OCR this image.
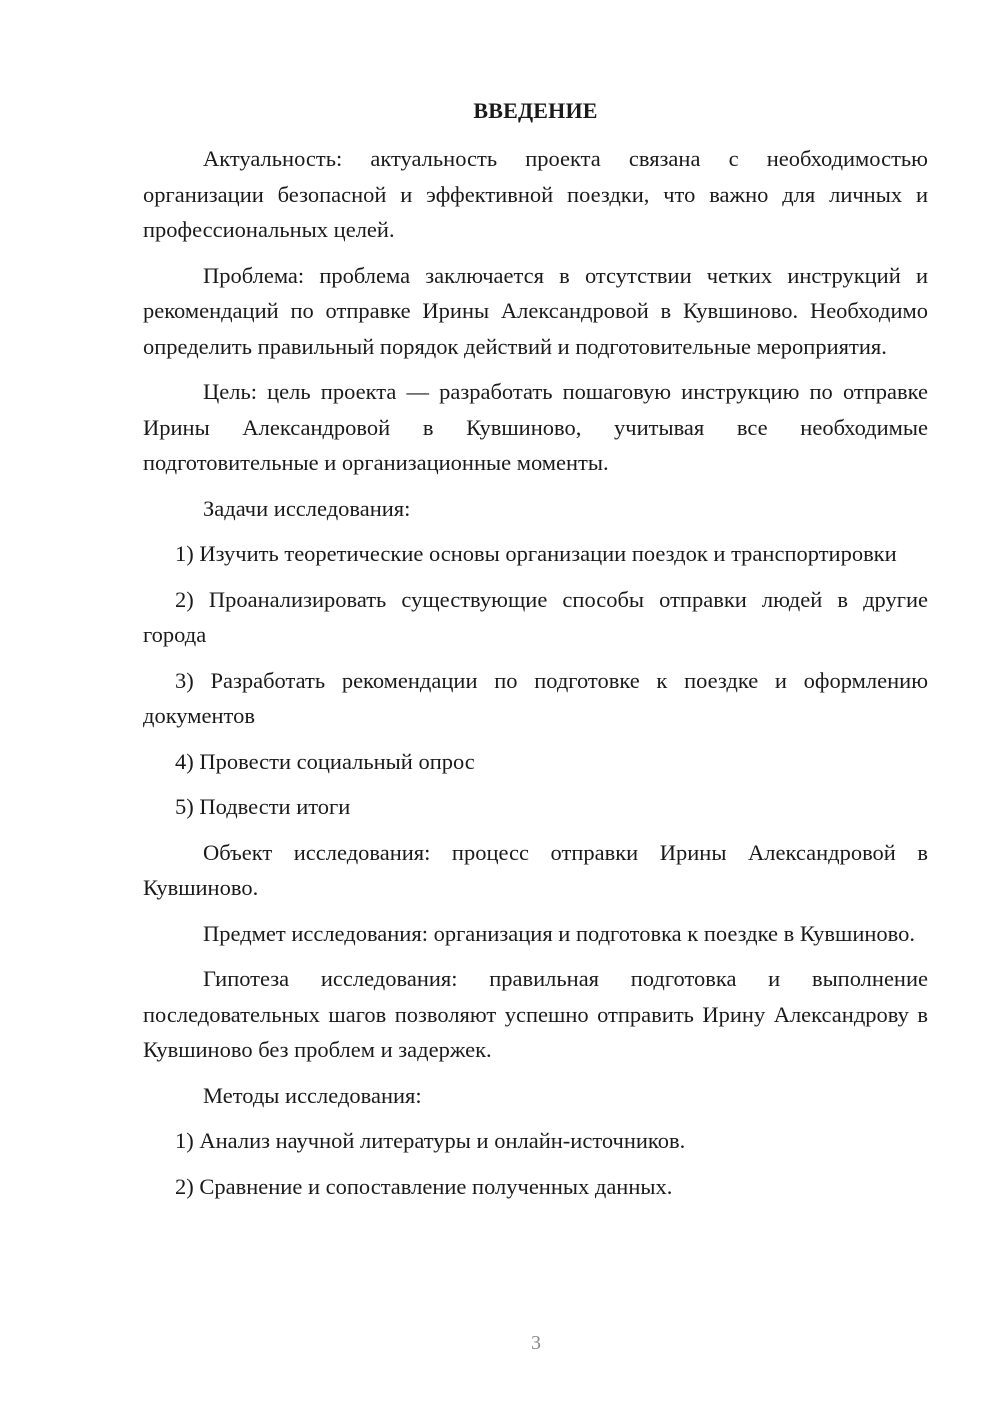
ВВЕДЕНИЕ

Актуальность: актуальность проекта связана с необходимостью организации безопасной и эффективной поездки, что важно для личных и профессиональных целей.

Проблема: проблема заключается в отсутствии четких инструкций и рекомендаций по отправке Ирины Александровой в Кувшиново. Необходимо определить правильный порядок действий и подготовительные мероприятия.

Цель: цель проекта — разработать пошаговую инструкцию по отправке Ирины Александровой в Кувшиново, учитывая все необходимые подготовительные и организационные моменты.

Задачи исследования:

1) Изучить теоретические основы организации поездок и транспортировки

2) Проанализировать существующие способы отправки людей в другие города

3) Разработать рекомендации по подготовке к поездке и оформлению документов

4) Провести социальный опрос

5) Подвести итоги

Объект исследования: процесс отправки Ирины Александровой в Кувшиново.

Предмет исследования: организация и подготовка к поездке в Кувшиново.

Гипотеза исследования: правильная подготовка и выполнение последовательных шагов позволяют успешно отправить Ирину Александрову в Кувшиново без проблем и задержек.

Методы исследования:

1) Анализ научной литературы и онлайн-источников.

2) Сравнение и сопоставление полученных данных.

3
